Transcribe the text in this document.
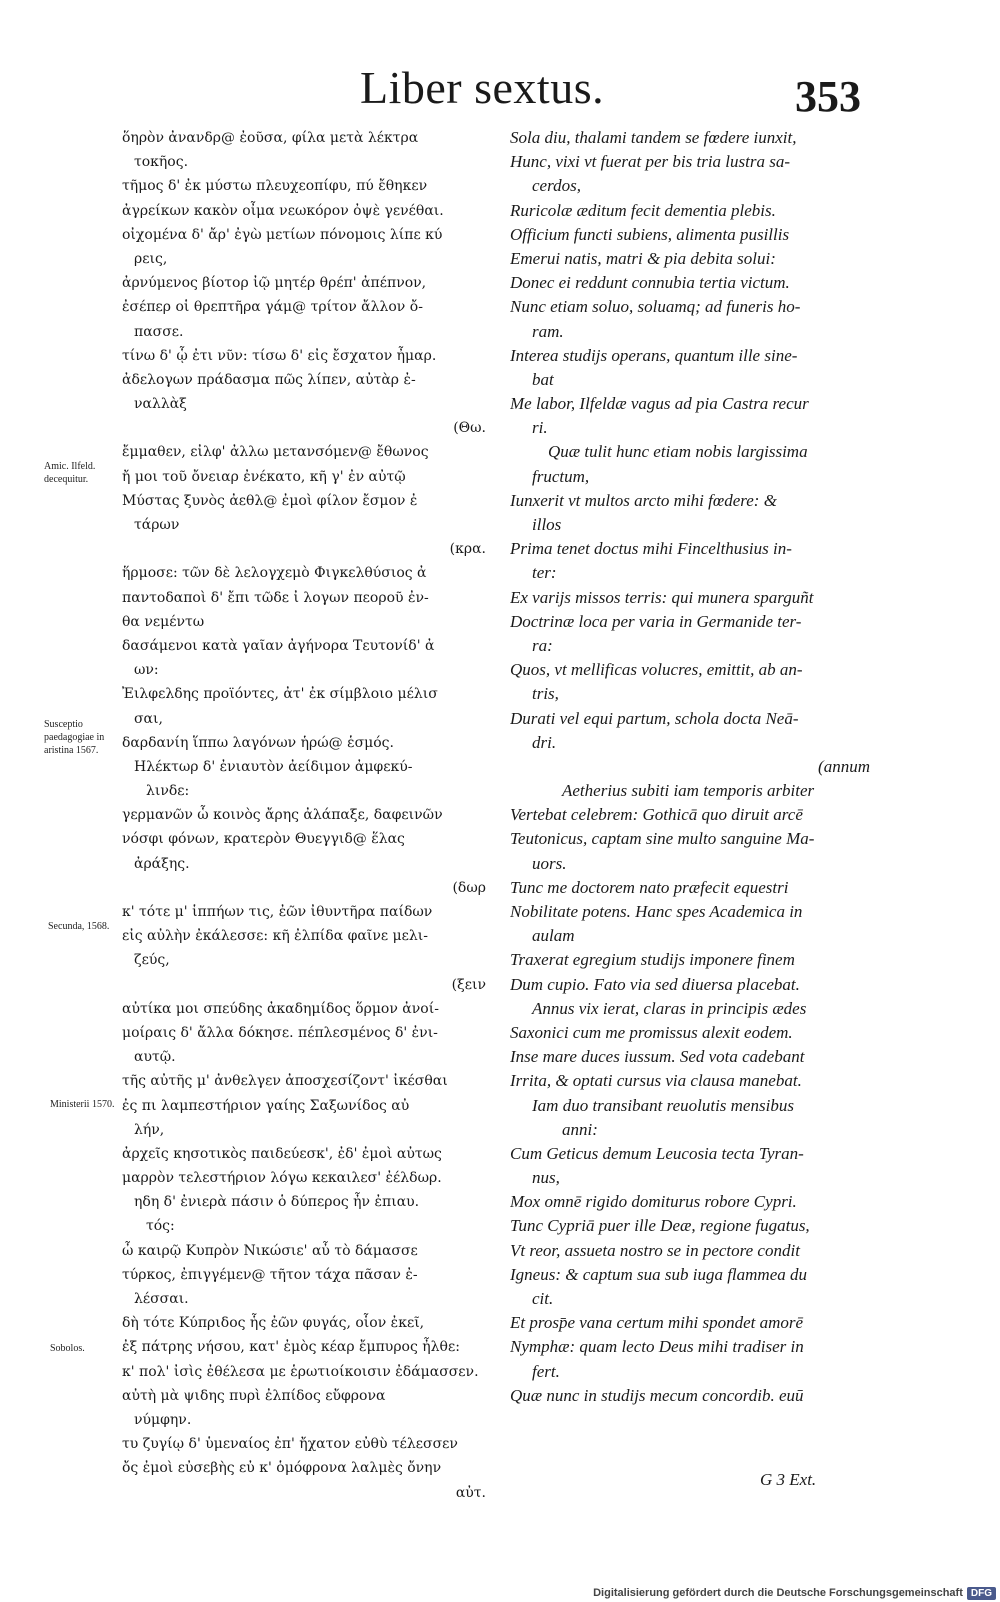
Liber sextus.	353
Amic. Ilfeld. decequitur.
Susceptio paedagogiae in aristina 1567.
Secunda, 1568.
Ministerii 1570.
Sobolos.
ὅηρὸν ἀνανδρ@ ἐοῦσα, φίλα μετὰ λέκτρα
τοκῆος.
τῆμος δ' ἐκ μύστω πλευχεοπίφυ, πύ ἔθηκεν
ἀγρείκων κακὸν οἶμα νεωκόρον ὀψὲ γενέθαι.
οἰχομένα δ' ἄρ' ἐγὼ μετίων πόνομοις λίπε κύ
ρεις,
ἀρνύμενος βίοτορ ἰῷ μητέρ θρέπ' ἀπέπνον,
ἐσέπερ οἱ θρεπτῆρα γάμ@ τρίτον ἄλλον ὄ-
πασσε.
τίνω δ' ᾧ ἐτι νῦν: τίσω δ' εἰς ἔσχατον ἦμαρ.
ἀδελογων πράδασμα πῶς λίπεν, αὐτὰρ ἐ-
ναλλὰξ
(Θω.
ἔμμαθεν, εἰλφ' ἀλλω μετανσόμεν@ ἔθωνος
ἤ μοι τοῦ ὄνειαρ ἐνέκατο, κῆ γ' ἐν αὐτῷ
Μύστας ξυνὸς ἀεθλ@ ἐμοὶ φίλον ἔσμον ἐ
τάρων
(κρα.
ἥρμοσε: τῶν δὲ λελογχεμὸ Φιγκελθύσιος ἀ
παντοδαποὶ δ' ἔπι τῶδε ἰ λογων πεοροῦ ἐν-
θα νεμέντω
δασάμενοι κατὰ γαῖαν ἀγήνορα Τευτονίδ' ἀ
ων:
Ἐιλφελδης προϊόντες, ἀτ' ἐκ σίμβλοιο μέλισ
σαι,
δαρδανίη ἵππω λαγόνων ἡρώ@ ἑσμός.
Ηλέκτωρ δ' ἐνιαυτὸν ἀείδιμον ἀμφεκύ-
λινδε:
γερμανῶν ὧ κοινὸς ἄρης ἀλάπαξε, δαφεινῶν
νόσφι φόνων, κρατερὸν Θυεγγιδ@ ἕλας
ἀράξης.
(δωρ
κ' τότε μ' ἱππήων τις, ἐῶν ἰθυντῆρα παίδων
εἰς αὐλὴν ἐκάλεσσε: κῆ ἐλπίδα φαῖνε μελι-
ζεύς,
(ξειν
αὐτίκα μοι σπεύδης ἀκαδημίδος ὅρμον ἀνοί-
μοίραις δ' ἄλλα δόκησε. πέπλεσμένος δ' ἐνι-
αυτῷ.
τῆς αὐτῆς μ' ἀνθελγεν ἀποσχεσίζοντ' ἰκέσθαι
ἐς πι λαμπεστήριον γαίης Σαξωνίδος αὐ
λήν,
ἀρχεῖς κησοτικὸς παιδεύεσκ', ἐδ' ἐμοὶ αὐτως
μαρρὸν τελεστήριον λόγω κεκαιλεσ' ἐέλδωρ.
ηδη δ' ἐνιερὰ πάσιν ὁ δύπερος ἦν ἐπιαυ.
τός:
ὦ καιρῷ Κυπρὸν Νικώσιε' αὖ τὸ δάμασσε
τύρκος, ἐπιγγέμεν@ τῆτον τάχα πᾶσαν ἐ-
λέσσαι.
δὴ τότε Κύπριδος ἧς ἐῶν φυγάς, οἷον ἐκεῖ,
ἐξ πάτρης νήσου, κατ' ἐμὸς κέαρ ἔμπυρος ἦλθε:
κ' πολ' ἰσὶς ἐθέλεσα με ἑρωτιοίκοισιν ἐδάμασσεν.
αὐτὴ μὰ ψιδης πυρὶ ἐλπίδος εὔφρονα
νύμφην.
τυ ζυγίῳ δ' ὑμεναίος ἐπ' ἤχατον εὐθὺ τέλεσσεν
ὄς ἐμοὶ εὐσεβὴς εὐ κ' ὁμόφρονα λαλμὲς ὄνην
αὐτ.
Sola diu, thalami tandem se fœdere iunxit,
Hunc, vixi vt fuerat per bis tria lustra sa-
cerdos,
Ruricolæ æditum fecit dementia plebis.
Officium functi subiens, alimenta pusillis
Emerui natis, matri & pia debita solui:
Donec ei reddunt connubia tertia victum.
Nunc etiam soluo, soluamq; ad funeris ho-
ram.
Interea studijs operans, quantum ille sine-
bat
Me labor, Ilfeldæ vagus ad pia Castra recur
ri.
Quæ tulit hunc etiam nobis largissima
fructum,
Iunxerit vt multos arcto mihi fœdere: &
illos
Prima tenet doctus mihi Fincelthusius in-
ter:
Ex varijs missos terris: qui munera sparguñt
Doctrinæ loca per varia in Germanide ter-
ra:
Quos, vt mellificas volucres, emittit, ab an-
tris,
Durati vel equi partum, schola docta Neā-
dri.
(annum
Aetherius subiti iam temporis arbiter
Vertebat celebrem: Gothicā quo diruit arcē
Teutonicus, captam sine multo sanguine Ma-
uors.
Tunc me doctorem nato præfecit equestri
Nobilitate potens. Hanc spes Academica in
aulam
Traxerat egregium studijs imponere finem
Dum cupio. Fato via sed diuersa placebat.
Annus vix ierat, claras in principis ædes
Saxonici cum me promissus alexit eodem.
Inse mare duces iussum. Sed vota cadebant
Irrita, & optati cursus via clausa manebat.
Iam duo transibant reuolutis mensibus
anni:
Cum Geticus demum Leucosia tecta Tyran-
nus,
Mox omnē rigido domiturus robore Cypri.
Tunc Cypriā puer ille Deæ, regione fugatus,
Vt reor, assueta nostro se in pectore condit
Igneus: & captum sua sub iuga flammea du
cit.
Et prosp̄e vana certum mihi spondet amorē
Nymphæ: quam lecto Deus mihi tradiser in
fert.
Quæ nunc in studijs mecum concordib. euū
G 3 Ext.
Digitalisierung gefördert durch die Deutsche Forschungsgemeinschaft DFG
